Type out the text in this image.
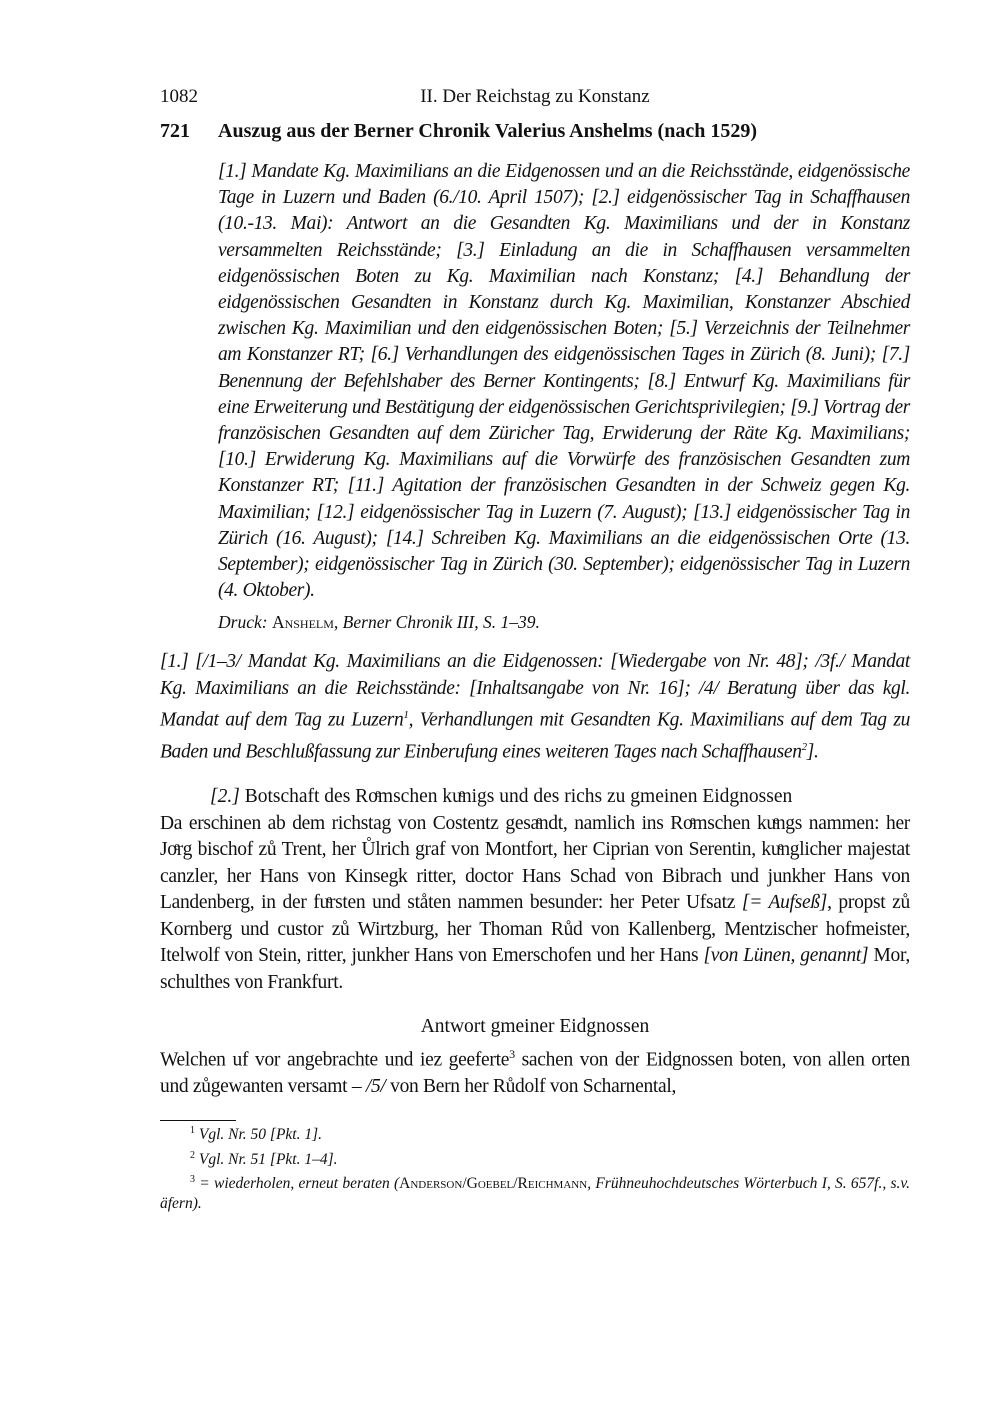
1082	II. Der Reichstag zu Konstanz
721	Auszug aus der Berner Chronik Valerius Anshelms (nach 1529)
[1.] Mandate Kg. Maximilians an die Eidgenossen und an die Reichsstände, eidgenössische Tage in Luzern und Baden (6./10. April 1507); [2.] eidgenössischer Tag in Schaffhausen (10.-13. Mai): Antwort an die Gesandten Kg. Maximilians und der in Konstanz versammelten Reichsstände; [3.] Einladung an die in Schaffhausen versammelten eidgenössischen Boten zu Kg. Maximilian nach Konstanz; [4.] Behandlung der eidgenössischen Gesandten in Konstanz durch Kg. Maximilian, Konstanzer Abschied zwischen Kg. Maximilian und den eidgenössischen Boten; [5.] Verzeichnis der Teilnehmer am Konstanzer RT; [6.] Verhandlungen des eidgenössischen Tages in Zürich (8. Juni); [7.] Benennung der Befehlshaber des Berner Kontingents; [8.] Entwurf Kg. Maximilians für eine Erweiterung und Bestätigung der eidgenössischen Gerichtsprivilegien; [9.] Vortrag der französischen Gesandten auf dem Züricher Tag, Erwiderung der Räte Kg. Maximilians; [10.] Erwiderung Kg. Maximilians auf die Vorwürfe des französischen Gesandten zum Konstanzer RT; [11.] Agitation der französischen Gesandten in der Schweiz gegen Kg. Maximilian; [12.] eidgenössischer Tag in Luzern (7. August); [13.] eidgenössischer Tag in Zürich (16. August); [14.] Schreiben Kg. Maximilians an die eidgenössischen Orte (13. September); eidgenössischer Tag in Zürich (30. September); eidgenössischer Tag in Luzern (4. Oktober).
Druck: Anshelm, Berner Chronik III, S. 1–39.
[1.] [/1–3/ Mandat Kg. Maximilians an die Eidgenossen: [Wiedergabe von Nr. 48]; /3f./ Mandat Kg. Maximilians an die Reichsstände: [Inhaltsangabe von Nr. 16]; /4/ Beratung über das kgl. Mandat auf dem Tag zu Luzern$^1$, Verhandlungen mit Gesandten Kg. Maximilians auf dem Tag zu Baden und Beschlußfassung zur Einberufung eines weiteren Tages nach Schaffhausen$^2$].
[2.] Botschaft des Roͤmschen kuͤnigs und des richs zu gmeinen Eidgnossen
Da erschinen ab dem richstag von Costentz gesaͤndt, namlich ins Roͤmschen kuͤngs nammen: her Joͤrg bischof zů Trent, her Ůlrich graf von Montfort, her Ciprian von Serentin, kuͤnglicher majestat canzler, her Hans von Kinsegk ritter, doctor Hans Schad von Bibrach und junkher Hans von Landenberg, in der fuͤrsten und ståten nammen besunder: her Peter Ufsatz [= Aufseß], propst zů Kornberg und custor zů Wirtzburg, her Thoman Růd von Kallenberg, Mentzischer hofmeister, Itelwolf von Stein, ritter, junkher Hans von Emerschofen und her Hans [von Lünen, genannt] Mor, schulthes von Frankfurt.
Antwort gmeiner Eidgnossen
Welchen uf vor angebrachte und iez geeferte$^3$ sachen von der Eidgnossen boten, von allen orten und zůgewanten versamt – /5/ von Bern her Růdolf von Scharnental,
$^1$ Vgl. Nr. 50 [Pkt. 1].
$^2$ Vgl. Nr. 51 [Pkt. 1–4].
$^3$ = wiederholen, erneut beraten (Anderson/Goebel/Reichmann, Frühneuhochdeutsches Wörterbuch I, S. 657f., s.v. äfern).
